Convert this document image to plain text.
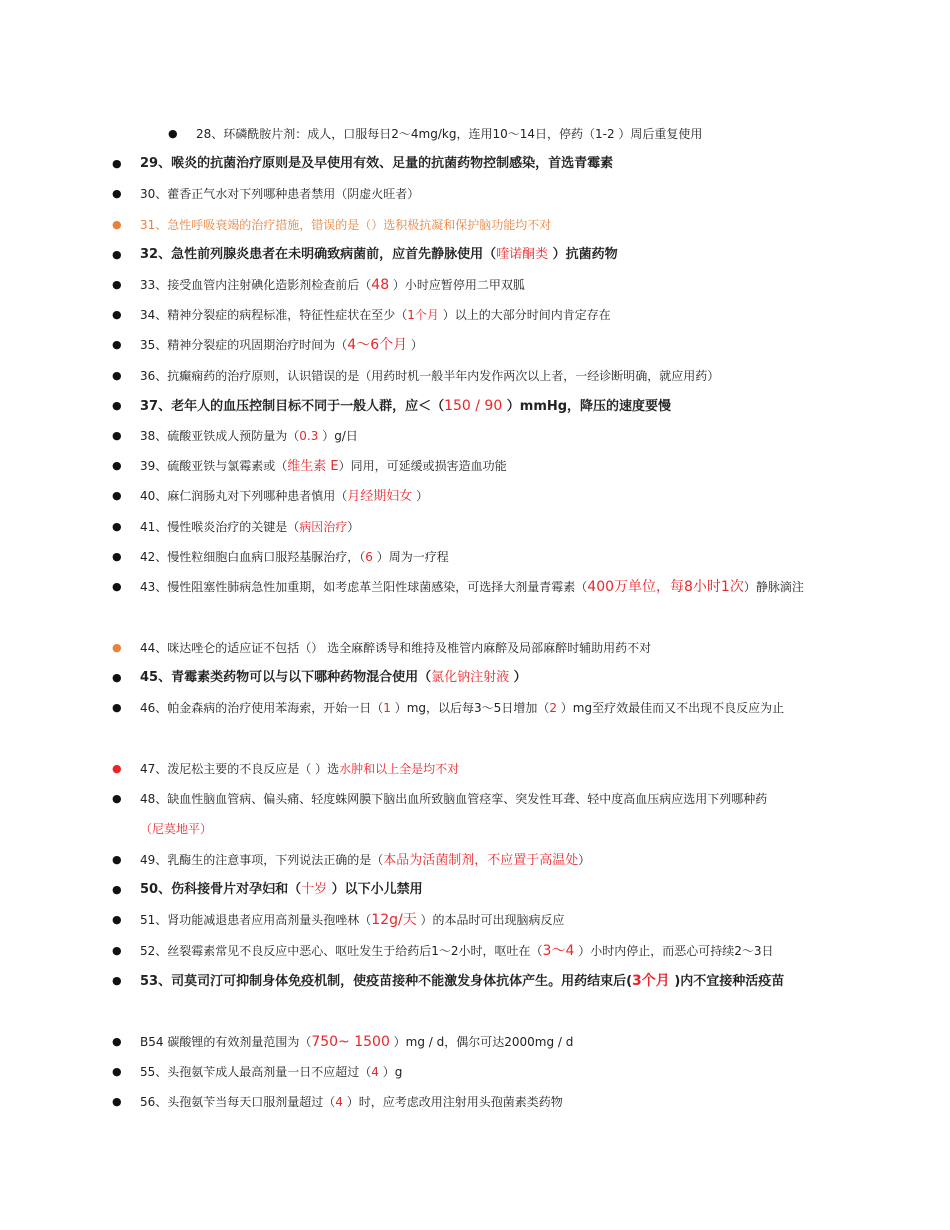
● 28、环磷酰胺片剂：成人，口服每日2～4mg/kg，连用10～14日，停药（1-2 ）周后重复使用
● 29、喉炎的抗菌治疗原则是及早使用有效、足量的抗菌药物控制感染，首选青霉素
● 30、藿香正气水对下列哪种患者禁用（阴虚火旺者）
● 31、急性呼吸衰竭的治疗措施，错误的是（）选积极抗凝和保护脑功能均不对
● 32、急性前列腺炎患者在未明确致病菌前，应首先静脉使用（喹诺酮类 ）抗菌药物
● 33、接受血管内注射碘化造影剂检查前后（48 ）小时应暂停用二甲双胍
● 34、精神分裂症的病程标准，特征性症状在至少（1个月 ）以上的大部分时间内肯定存在
● 35、精神分裂症的巩固期治疗时间为（4～6个月 ）
● 36、抗癫痫药的治疗原则，认识错误的是（用药时机一般半年内发作两次以上者，一经诊断明确，就应用药）
● 37、老年人的血压控制目标不同于一般人群，应＜（150 / 90 ）mmHg，降压的速度要慢
● 38、硫酸亚铁成人预防量为（0.3 ）g/日
● 39、硫酸亚铁与氯霉素或（维生素 E）同用，可延缓或损害造血功能
● 40、麻仁润肠丸对下列哪种患者慎用（月经期妇女 ）
● 41、慢性喉炎治疗的关键是（病因治疗）
● 42、慢性粒细胞白血病口服羟基脲治疗，（6 ）周为一疗程
● 43、慢性阻塞性肺病急性加重期，如考虑革兰阳性球菌感染，可选择大剂量青霉素（400万单位，每8小时1次）静脉滴注
● 44、咪达唑仑的适应证不包括（） 选全麻醉诱导和维持及椎管内麻醉及局部麻醉时辅助用药不对
● 45、青霉素类药物可以与以下哪种药物混合使用（氯化钠注射液 ）
● 46、帕金森病的治疗使用苯海索，开始一日（1 ）mg，以后每3～5日增加（2 ）mg至疗效最佳而又不出现不良反应为止
● 47、泼尼松主要的不良反应是（ ）选水肿和以上全是均不对
● 48、缺血性脑血管病、偏头痛、轻度蛛网膜下脑出血所致脑血管痉挛、突发性耳聋、轻中度高血压病应选用下列哪种药
（尼莫地平）
● 49、乳酶生的注意事项，下列说法正确的是（本品为活菌制剂，不应置于高温处）
● 50、伤科接骨片对孕妇和（十岁 ）以下小儿禁用
● 51、肾功能减退患者应用高剂量头孢唑林（12g/天 ）的本品时可出现脑病反应
● 52、丝裂霉素常见不良反应中恶心、呕吐发生于给药后1～2小时，呕吐在（3～4 ）小时内停止，而恶心可持续2～3日
● 53、司莫司汀可抑制身体免疫机制，使疫苗接种不能激发身体抗体产生。用药结束后(3个月 )内不宜接种活疫苗
● B54 碳酸锂的有效剂量范围为（750~ 1500 ）mg / d，偶尔可达2000mg / d
● 55、头孢氨苄成人最高剂量一日不应超过（4 ）g
● 56、头孢氨苄当每天口服剂量超过（4 ）时，应考虑改用注射用头孢菌素类药物
